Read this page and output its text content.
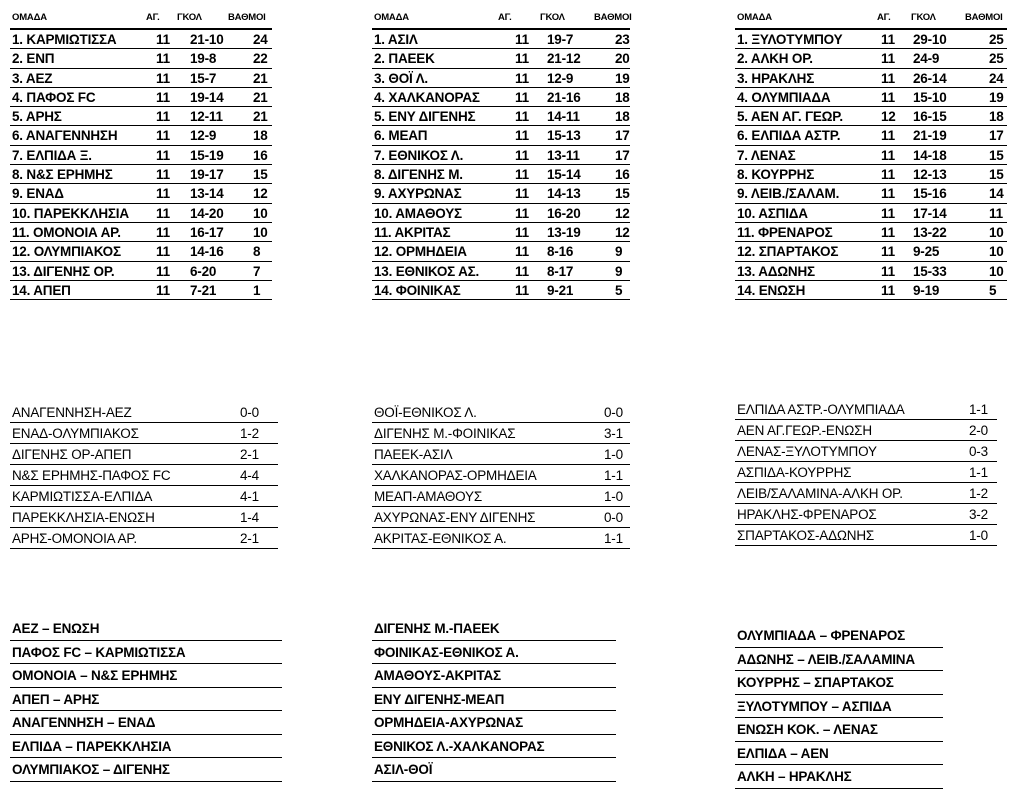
ΟΜΑΔΑ	ΑΓ. ΓΚΟΛ	ΒΑΘΜΟΙ
1. ΚΑΡΜΙΩΤΙΣΣΑ	11 21-10 24
2. ΕΝΠ	11 19-8	22
3. ΑΕΖ	11 15-7	21
4. ΠΑΦΟΣ FC	11 19-14 21
5. ΑΡΗΣ	11 12-11 21
6. ΑΝΑΓΕΝΝΗΣΗ	11 12-9	18
7. ΕΛΠΙΔΑ Ξ.	11 15-19 16
8. Ν&Σ ΕΡΗΜΗΣ	11 19-17 15
9. ΕΝΑΔ	11 13-14 12
10. ΠΑΡΕΚΚΛΗΣΙΑ 11 14-20 10
11. ΟΜΟΝΟΙΑ ΑΡ.	11 16-17 10
12. ΟΛΥΜΠΙΑΚΟΣ	11 14-16 8
13. ΔΙΓΕΝΗΣ ΟΡ.	11 6-20	7
14. ΑΠΕΠ	11 7-21	1
ΟΜΑΔΑ	ΑΓ.	ΓΚΟΛ	ΒΑΘΜΟΙ
1. ΑΣΙΛ	11 19-7	23
2. ΠΑΕΕΚ	11 21-12	20
3. ΘΟΪ Λ.	11 12-9	19
4. ΧΑΛΚΑΝΟΡΑΣ	11 21-16	18
5. ΕΝΥ ΔΙΓΕΝΗΣ	11 14-11	18
6. ΜΕΑΠ	11 15-13	17
7. ΕΘΝΙΚΟΣ Λ.	11 13-11	17
8. ΔΙΓΕΝΗΣ Μ.	11 15-14	16
9. ΑΧΥΡΩΝΑΣ	11 14-13	15
10. ΑΜΑΘΟΥΣ	11 16-20	12
11. ΑΚΡΙΤΑΣ	11 13-19	12
12. ΟΡΜΗΔΕΙΑ	11 8-16	9
13. ΕΘΝΙΚΟΣ ΑΣ.	11 8-17	9
14. ΦΟΙΝΙΚΑΣ	11 9-21	5
ΟΜΑΔΑ	ΑΓ. ΓΚΟΛ	ΒΑΘΜΟΙ
1. ΞΥΛΟΤΥΜΠΟΥ	11 29-10	25
2. ΑΛΚΗ ΟΡ.	11 24-9	25
3. ΗΡΑΚΛΗΣ	11 26-14	24
4. ΟΛΥΜΠΙΑΔΑ	11 15-10	19
5. ΑΕΝ ΑΓ. ΓΕΩΡ.	12 16-15	18
6. ΕΛΠΙΔΑ ΑΣΤΡ.	11 21-19	17
7. ΛΕΝΑΣ	11 14-18	15
8. ΚΟΥΡΡΗΣ	11 12-13	15
9. ΛΕΙΒ./ΣΑΛΑΜ.	11 15-16	14
10. ΑΣΠΙΔΑ	11 17-14	11
11. ΦΡΕΝΑΡΟΣ	11 13-22	10
12. ΣΠΑΡΤΑΚΟΣ	11 9-25	10
13. ΑΔΩΝΗΣ	11 15-33	10
14. ΕΝΩΣΗ	11 9-19	5
ΑΝΑΓΕΝΝΗΣΗ-ΑΕΖ	0-0
ΕΝΑΔ-ΟΛΥΜΠΙΑΚΟΣ	1-2
ΔΙΓΕΝΗΣ ΟΡ-ΑΠΕΠ	2-1
Ν&Σ ΕΡΗΜΗΣ-ΠΑΦΟΣ FC	4-4
ΚΑΡΜΙΩΤΙΣΣΑ-ΕΛΠΙΔΑ	4-1
ΠΑΡΕΚΚΛΗΣΙΑ-ΕΝΩΣΗ	1-4
ΑΡΗΣ-ΟΜΟΝΟΙΑ ΑΡ.	2-1
ΘΟΪ-ΕΘΝΙΚΟΣ Λ.	0-0
ΔΙΓΕΝΗΣ Μ.-ΦΟΙΝΙΚΑΣ	3-1
ΠΑΕΕΚ-ΑΣΙΛ	1-0
ΧΑΛΚΑΝΟΡΑΣ-ΟΡΜΗΔΕΙΑ	1-1
ΜΕΑΠ-ΑΜΑΘΟΥΣ	1-0
ΑΧΥΡΩΝΑΣ-ΕΝΥ ΔΙΓΕΝΗΣ	0-0
ΑΚΡΙΤΑΣ-ΕΘΝΙΚΟΣ Α.	1-1
ΕΛΠΙΔΑ ΑΣΤΡ.-ΟΛΥΜΠΙΑΔΑ	1-1
ΑΕΝ ΑΓ.ΓΕΩΡ.-ΕΝΩΣΗ	2-0
ΛΕΝΑΣ-ΞΥΛΟΤΥΜΠΟΥ	0-3
ΑΣΠΙΔΑ-ΚΟΥΡΡΗΣ	1-1
ΛΕΙΒ/ΣΑΛΑΜΙΝΑ-ΑΛΚΗ ΟΡ.	1-2
ΗΡΑΚΛΗΣ-ΦΡΕΝΑΡΟΣ	3-2
ΣΠΑΡΤΑΚΟΣ-ΑΔΩΝΗΣ	1-0
ΑΕΖ – ΕΝΩΣΗ
ΠΑΦΟΣ FC – ΚΑΡΜΙΩΤΙΣΣΑ
ΟΜΟΝΟΙΑ – Ν&Σ ΕΡΗΜΗΣ
ΑΠΕΠ – ΑΡΗΣ
ΑΝΑΓΕΝΝΗΣΗ – ΕΝΑΔ
ΕΛΠΙΔΑ – ΠΑΡΕΚΚΛΗΣΙΑ
ΟΛΥΜΠΙΑΚΟΣ – ΔΙΓΕΝΗΣ
ΔΙΓΕΝΗΣ Μ.-ΠΑΕΕΚ
ΦΟΙΝΙΚΑΣ-ΕΘΝΙΚΟΣ Α.
ΑΜΑΘΟΥΣ-ΑΚΡΙΤΑΣ
ΕΝΥ ΔΙΓΕΝΗΣ-ΜΕΑΠ
ΟΡΜΗΔΕΙΑ-ΑΧΥΡΩΝΑΣ
ΕΘΝΙΚΟΣ Λ.-ΧΑΛΚΑΝΟΡΑΣ
ΑΣΙΛ-ΘΟΪ
ΟΛΥΜΠΙΑΔΑ – ΦΡΕΝΑΡΟΣ
ΑΔΩΝΗΣ – ΛΕΙΒ./ΣΑΛΑΜΙΝΑ
ΚΟΥΡΡΗΣ – ΣΠΑΡΤΑΚΟΣ
ΞΥΛΟΤΥΜΠΟΥ – ΑΣΠΙΔΑ
ΕΝΩΣΗ ΚΟΚ. – ΛΕΝΑΣ
ΕΛΠΙΔΑ – ΑΕΝ
ΑΛΚΗ – ΗΡΑΚΛΗΣ
